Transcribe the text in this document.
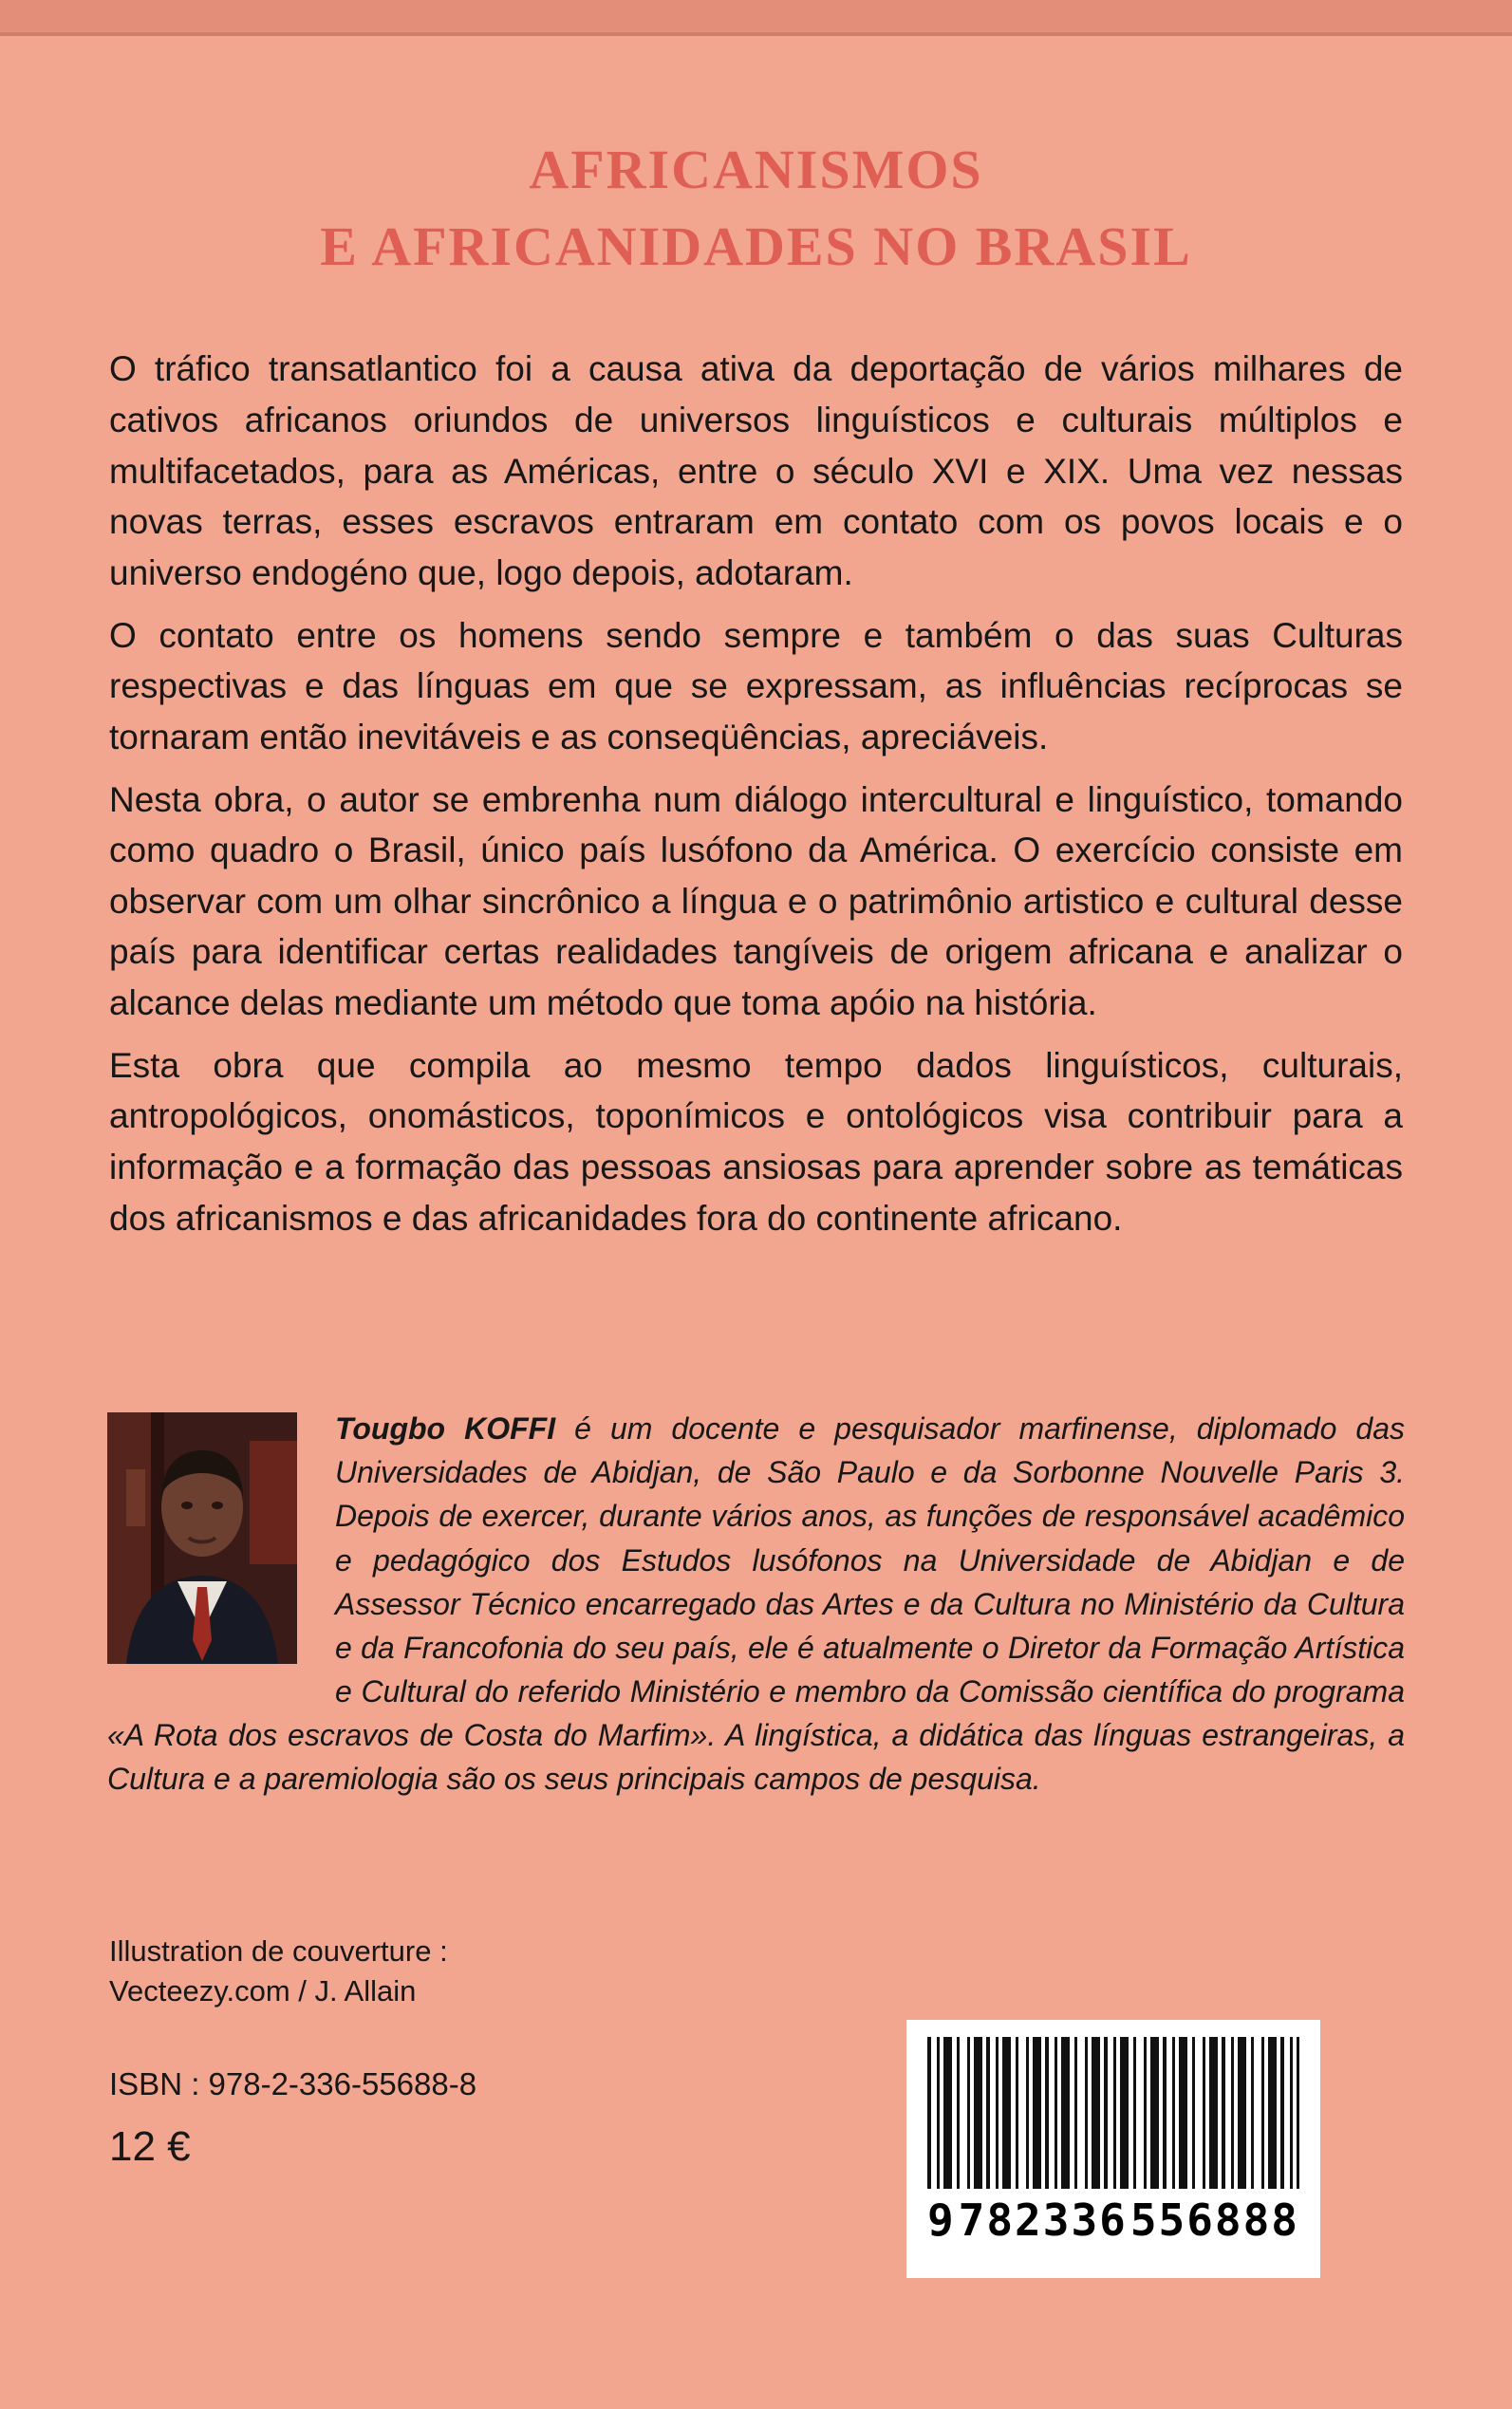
AFRICANISMOS
E AFRICANIDADES NO BRASIL

O tráfico transatlantico foi a causa ativa da deportação de vários milhares de cativos africanos oriundos de universos linguísticos e culturais múltiplos e multifacetados, para as Américas, entre o século XVI e XIX. Uma vez nessas novas terras, esses escravos entraram em contato com os povos locais e o universo endogéno que, logo depois, adotaram.

O contato entre os homens sendo sempre e também o das suas Culturas respectivas e das línguas em que se expressam, as influências recíprocas se tornaram então inevitáveis e as conseqüências, apreciáveis.

Nesta obra, o autor se embrenha num diálogo intercultural e linguístico, tomando como quadro o Brasil, único país lusófono da América. O exercício consiste em observar com um olhar sincrônico a língua e o patrimônio artistico e cultural desse país para identificar certas realidades tangíveis de origem africana e analizar o alcance delas mediante um método que toma apóio na história.

Esta obra que compila ao mesmo tempo dados linguísticos, culturais, antropológicos, onomásticos, toponímicos e ontológicos visa contribuir para a informação e a formação das pessoas ansiosas para aprender sobre as temáticas dos africanismos e das africanidades fora do continente africano.

Tougbo KOFFI é um docente e pesquisador marfinense, diplomado das Universidades de Abidjan, de São Paulo e da Sorbonne Nouvelle Paris 3. Depois de exercer, durante vários anos, as funções de responsável acadêmico e pedagógico dos Estudos lusófonos na Universidade de Abidjan e de Assessor Técnico encarregado das Artes e da Cultura no Ministério da Cultura e da Francofonia do seu país, ele é atualmente o Diretor da Formação Artística e Cultural do referido Ministério e membro da Comissão científica do programa «A Rota dos escravos de Costa do Marfim». A lingística, a didática das línguas estrangeiras, a Cultura e a paremiologia são os seus principais campos de pesquisa.

Illustration de couverture :
Vecteezy.com / J. Allain
ISBN : 978-2-336-55688-8
12 €
9 782336 556888
